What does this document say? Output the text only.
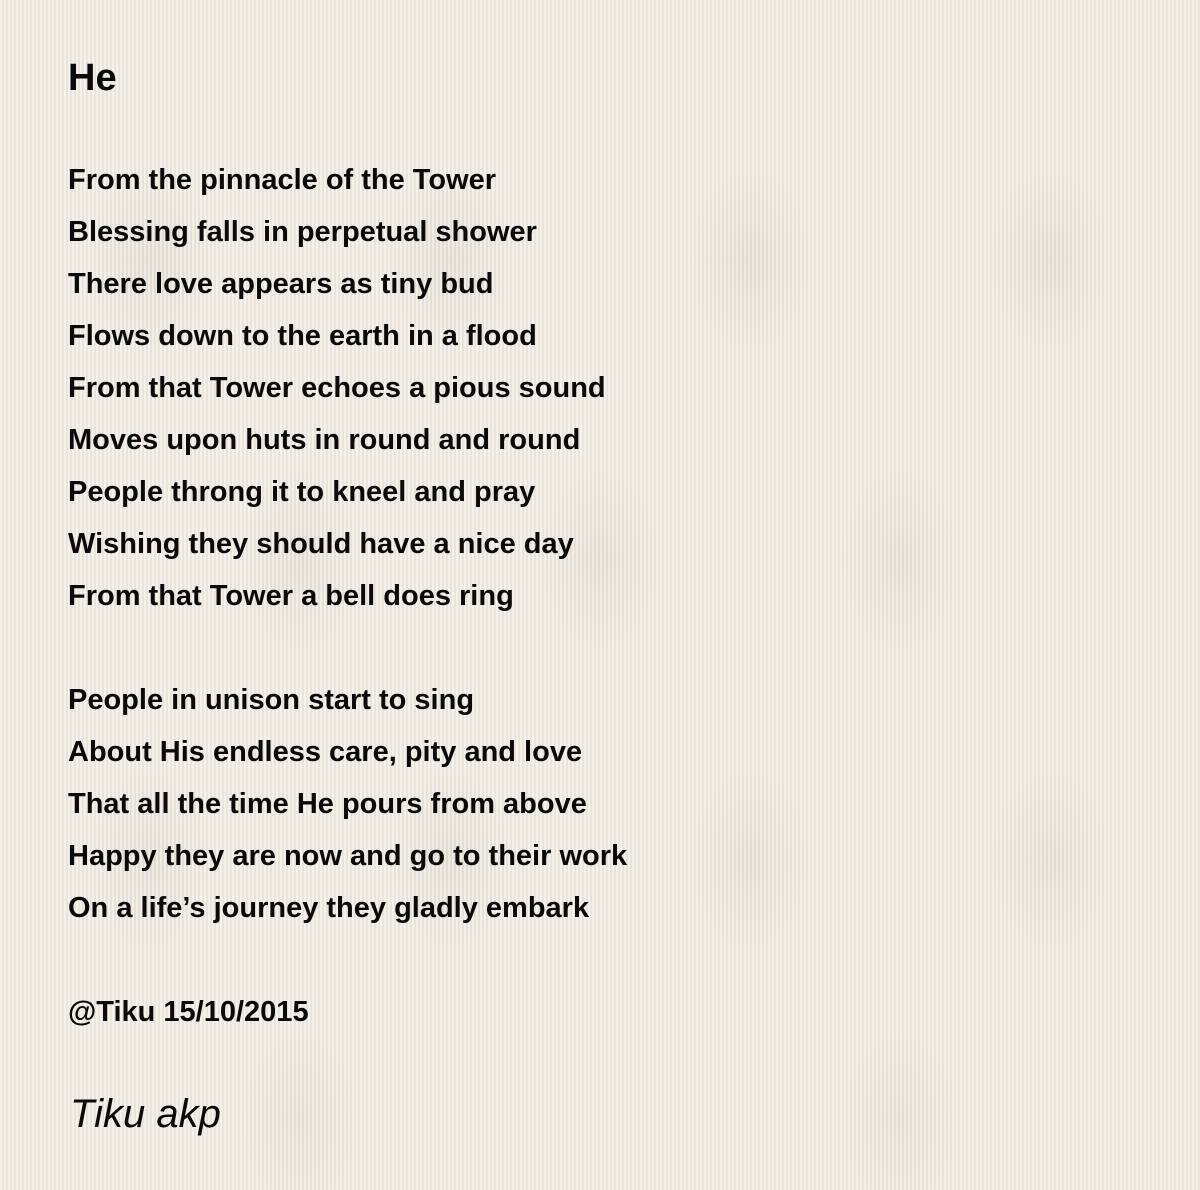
He
From the pinnacle of the Tower
Blessing falls in perpetual shower
There love appears as tiny bud
Flows down to the earth in a flood
From that Tower echoes a pious sound
Moves upon huts in round and round
People throng it to kneel and pray
Wishing they should have a nice day
From that Tower a bell does ring
People in unison start to sing
About His endless care, pity and love
That all the time He pours from above
Happy they are now and go to their work
On a life’s journey they gladly embark
@Tiku 15/10/2015
Tiku akp
